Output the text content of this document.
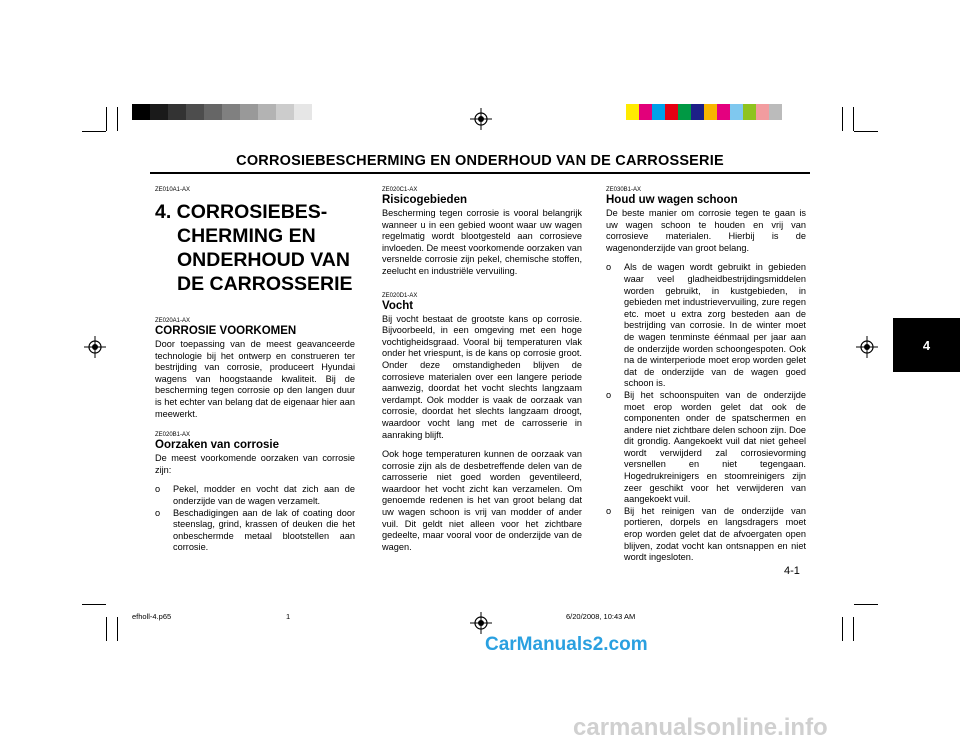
CORROSIEBESCHERMING EN ONDERHOUD VAN DE CARROSSERIE
ZE010A1-AX
4. CORROSIEBES-
CHERMING EN
ONDERHOUD VAN
DE CARROSSERIE
ZE020A1-AX
CORROSIE VOORKOMEN

Door toepassing van de meest geavanceerde technologie bij het ontwerp en construeren ter bestrijding van corrosie, produceert Hyundai wagens van hoogstaande kwaliteit. Bij de bescherming tegen corrosie op den langen duur is het echter van belang dat de eigenaar hier aan meewerkt.

ZE020B1-AX
Oorzaken van corrosie

De meest voorkomende oorzaken van corrosie zijn:

o Pekel, modder en vocht dat zich aan de onderzijde van de wagen verzamelt.
o Beschadigingen aan de lak of coating door steenslag, grind, krassen of deuken die het onbeschermde metaal blootstellen aan corrosie.
ZE020C1-AX
Risicogebieden

Bescherming tegen corrosie is vooral belangrijk wanneer u in een gebied woont waar uw wagen regelmatig wordt blootgesteld aan corrosieve invloeden. De meest voorkomende oorzaken van versnelde corrosie zijn pekel, chemische stoffen, zeelucht en industriële vervuiling.

ZE020D1-AX
Vocht

Bij vocht bestaat de grootste kans op corrosie. Bijvoorbeeld, in een omgeving met een hoge vochtigheidsgraad. Vooral bij temperaturen vlak onder het vriespunt, is de kans op corrosie groot. Onder deze omstandigheden blijven de corrosieve materialen over een langere periode aanwezig, doordat het vocht slechts langzaam verdampt. Ook modder is vaak de oorzaak van corrosie, doordat het slechts langzaam droogt, waardoor vocht lang met de carrosserie in aanraking blijft.

Ook hoge temperaturen kunnen de oorzaak van corrosie zijn als de desbetreffende delen van de carrosserie niet goed worden geventileerd, waardoor het vocht zicht kan verzamelen. Om genoemde redenen is het van groot belang dat uw wagen schoon is vrij van modder of ander vuil. Dit geldt niet alleen voor het zichtbare gedeelte, maar vooral voor de onderzijde van de wagen.

ZE030B1-AX
Houd uw wagen schoon

De beste manier om corrosie tegen te gaan is uw wagen schoon te houden en vrij van corrosieve materialen. Hierbij is de wagenonderzijde van groot belang.

o Als de wagen wordt gebruikt in gebieden waar veel gladheidbestrijdingsmiddelen worden gebruikt, in kustgebieden, in gebieden met industrievervuiling, zure regen etc. moet u extra zorg besteden aan de bestrijding van corrosie. In de winter moet de wagen tenminste éénmaal per jaar aan de onderzijde worden schoongespoten. Ook na de winterperiode moet erop worden gelet dat de onderzijde van de wagen goed schoon is.
o Bij het schoonspuiten van de onderzijde moet erop worden gelet dat ook de componenten onder de spatschermen en andere niet zichtbare delen schoon zijn. Doe dit grondig. Aangekoekt vuil dat niet geheel wordt verwijderd zal corrosievorming versnellen en niet tegengaan. Hogedrukreinigers en stoomreinigers zijn zeer geschikt voor het verwijderen van aangekoekt vuil.
o Bij het reinigen van de onderzijde van portieren, dorpels en langsdragers moet erop worden gelet dat de afvoergaten open blijven, zodat vocht kan ontsnappen en niet wordt ingesloten.
4
4-1
efholl-4.p65	1	6/20/2008, 10:43 AM
CarManuals2.com
carmanualsonline.info
